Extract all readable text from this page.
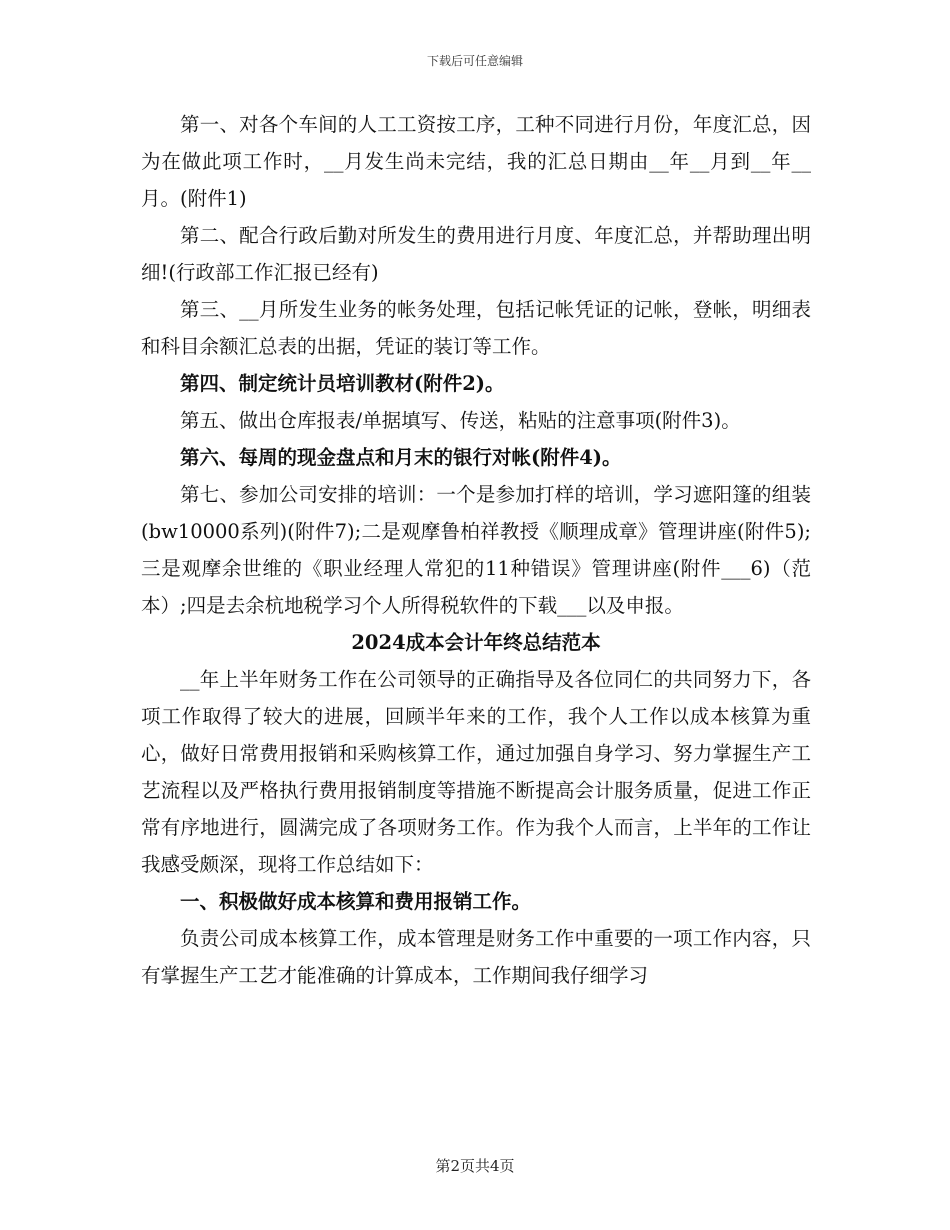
下载后可任意编辑

第一、对各个车间的人工工资按工序，工种不同进行月份，年度汇总，因为在做此项工作时，__月发生尚未完结，我的汇总日期由__年__月到__年__月。(附件1)

第二、配合行政后勤对所发生的费用进行月度、年度汇总，并帮助理出明细!(行政部工作汇报已经有)

第三、__月所发生业务的帐务处理，包括记帐凭证的记帐，登帐，明细表和科目余额汇总表的出据，凭证的装订等工作。

第四、制定统计员培训教材(附件2)。

第五、做出仓库报表/单据填写、传送，粘贴的注意事项(附件3)。

第六、每周的现金盘点和月末的银行对帐(附件4)。

第七、参加公司安排的培训：一个是参加打样的培训，学习遮阳篷的组装(bw10000系列)(附件7);二是观摩鲁柏祥教授《顺理成章》管理讲座(附件5);三是观摩余世维的《职业经理人常犯的11种错误》管理讲座(附件___6)（范本）;四是去余杭地税学习个人所得税软件的下载___以及申报。

2024成本会计年终总结范本

__年上半年财务工作在公司领导的正确指导及各位同仁的共同努力下，各项工作取得了较大的进展，回顾半年来的工作，我个人工作以成本核算为重心，做好日常费用报销和采购核算工作，通过加强自身学习、努力掌握生产工艺流程以及严格执行费用报销制度等措施不断提高会计服务质量，促进工作正常有序地进行，圆满完成了各项财务工作。作为我个人而言，上半年的工作让我感受颇深，现将工作总结如下：

一、积极做好成本核算和费用报销工作。

负责公司成本核算工作，成本管理是财务工作中重要的一项工作内容，只有掌握生产工艺才能准确的计算成本，工作期间我仔细学习

第2页共4页
